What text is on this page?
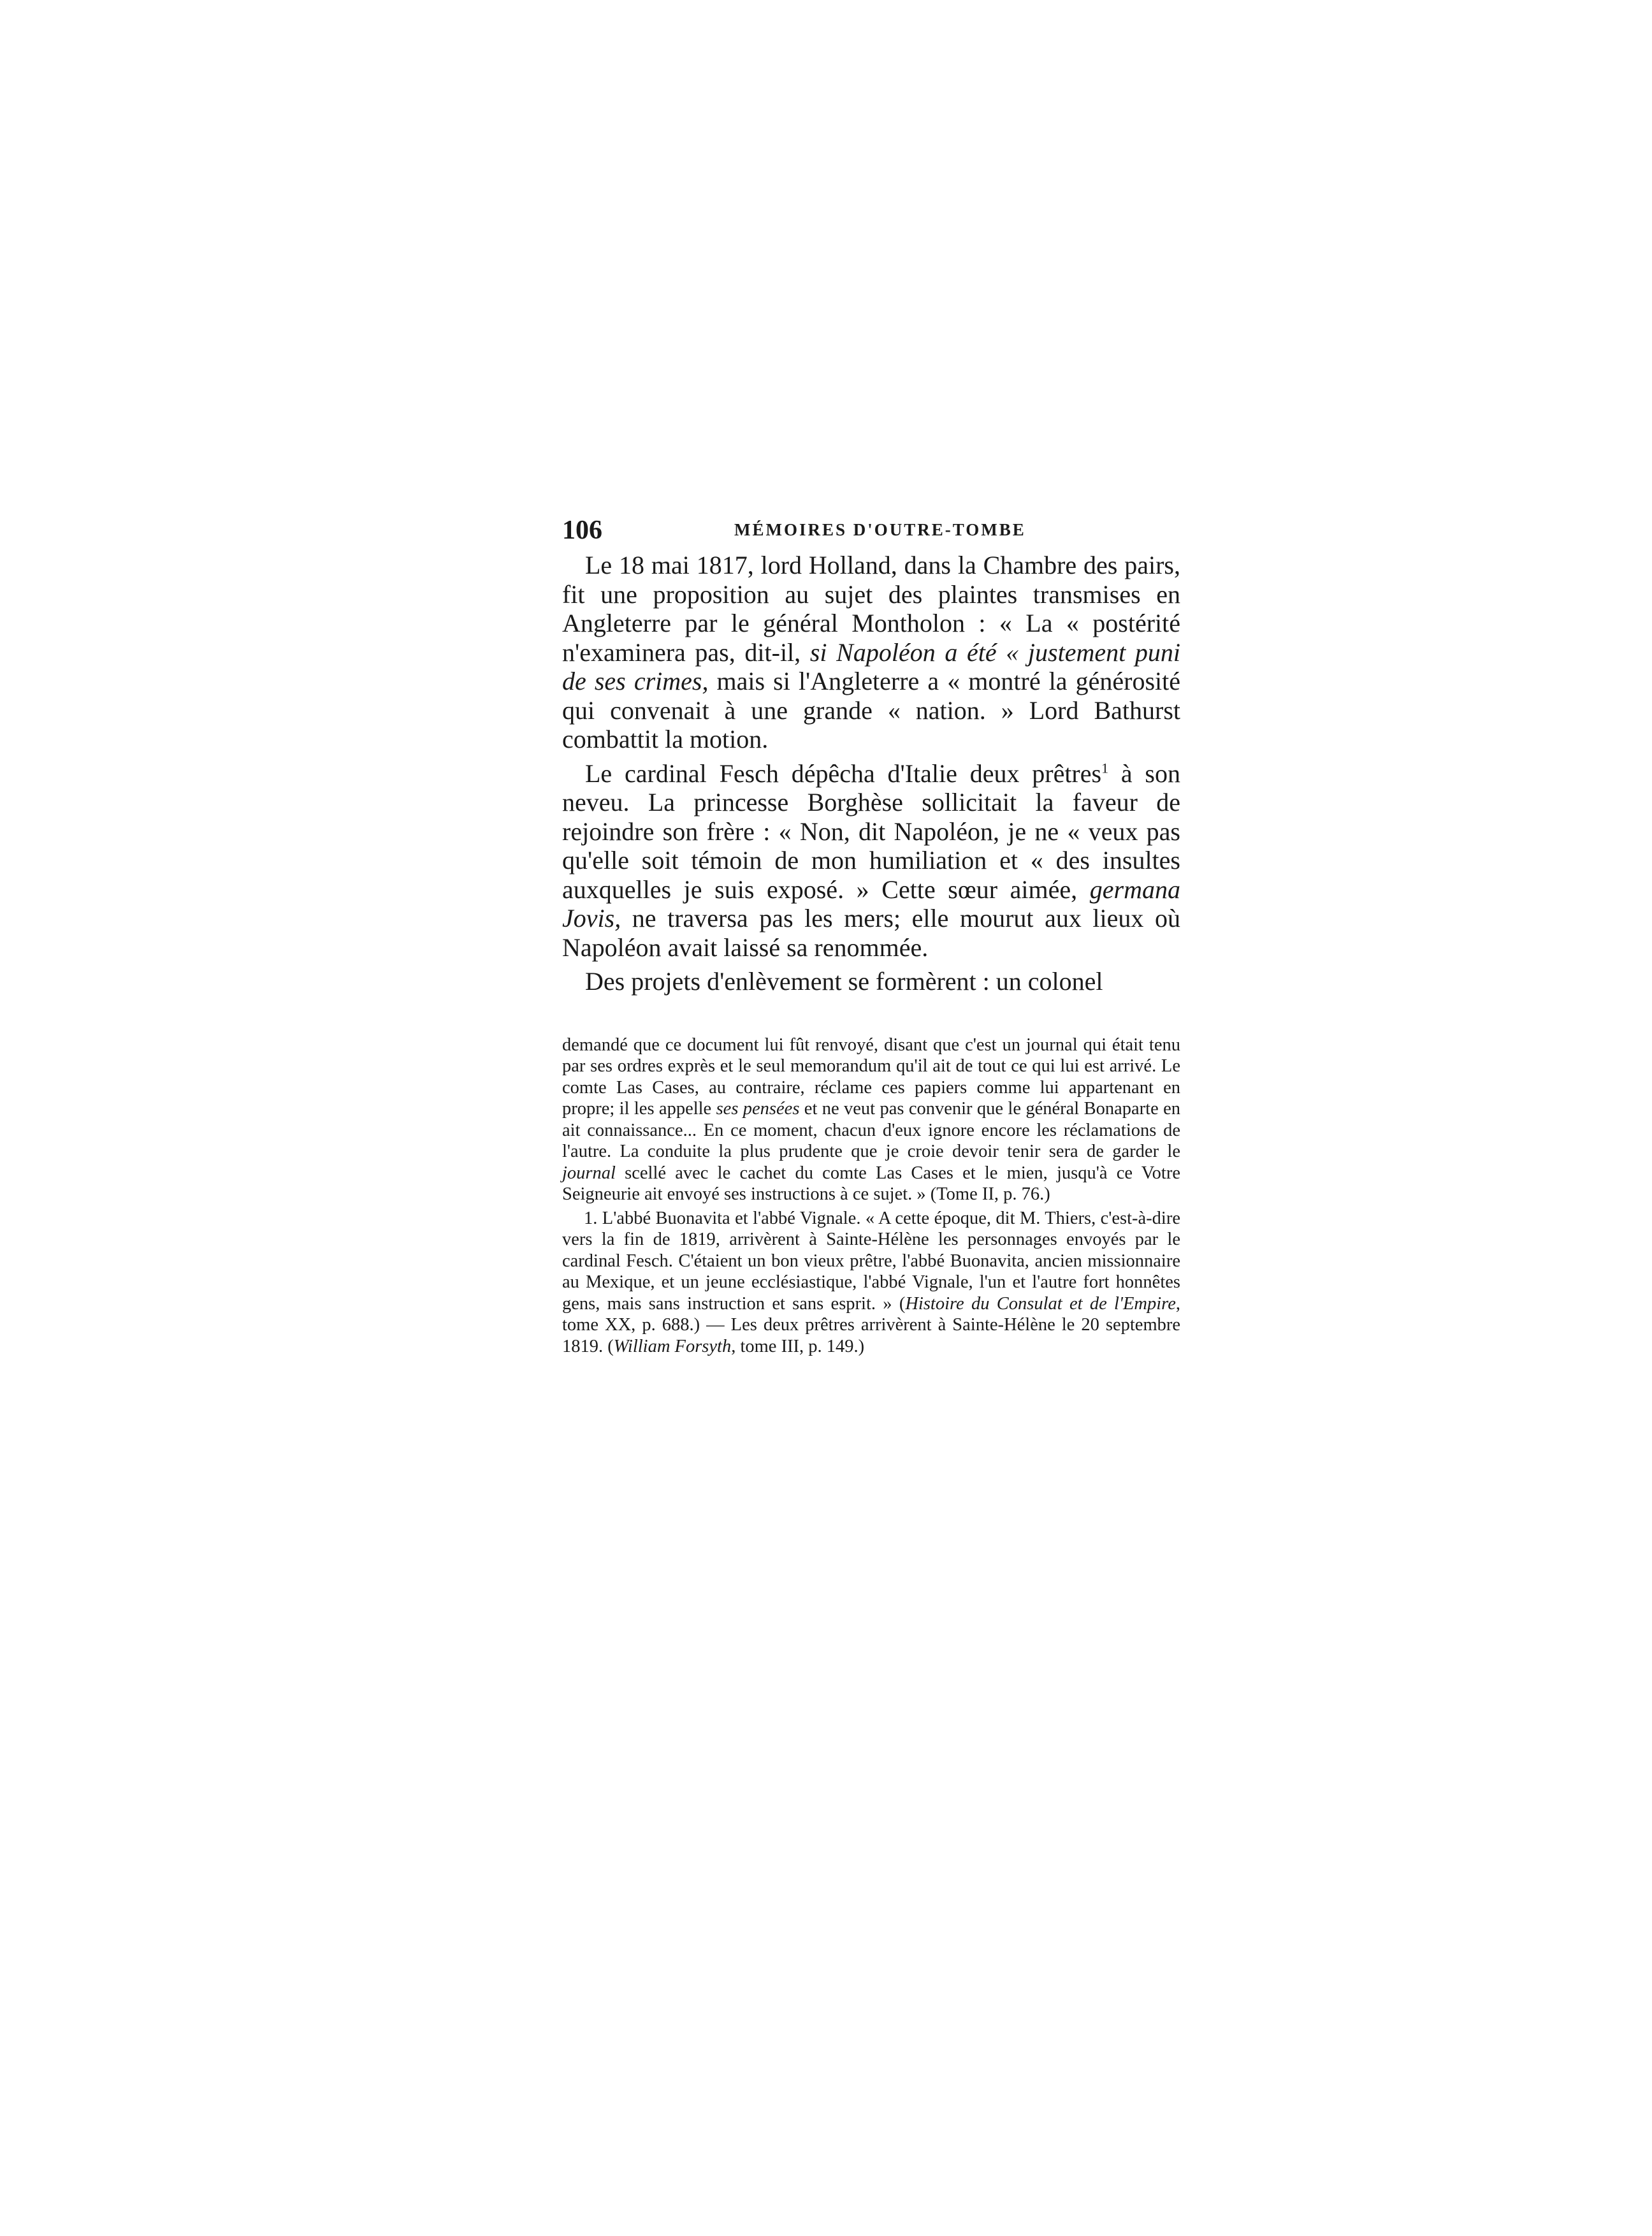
106	MÉMOIRES D'OUTRE-TOMBE

Le 18 mai 1817, lord Holland, dans la Chambre des pairs, fit une proposition au sujet des plaintes transmises en Angleterre par le général Montholon : « La « postérité n'examinera pas, dit-il, si Napoléon a été « justement puni de ses crimes, mais si l'Angleterre a « montré la générosité qui convenait à une grande « nation. » Lord Bathurst combattit la motion.

Le cardinal Fesch dépêcha d'Italie deux prêtres$^1$ à son neveu. La princesse Borghèse sollicitait la faveur de rejoindre son frère : « Non, dit Napoléon, je ne « veux pas qu'elle soit témoin de mon humiliation et « des insultes auxquelles je suis exposé. » Cette sœur aimée, germana Jovis, ne traversa pas les mers; elle mourut aux lieux où Napoléon avait laissé sa renommée.

Des projets d'enlèvement se formèrent : un colonel

demandé que ce document lui fût renvoyé, disant que c'est un journal qui était tenu par ses ordres exprès et le seul memorandum qu'il ait de tout ce qui lui est arrivé. Le comte Las Cases, au contraire, réclame ces papiers comme lui appartenant en propre; il les appelle ses pensées et ne veut pas convenir que le général Bonaparte en ait connaissance... En ce moment, chacun d'eux ignore encore les réclamations de l'autre. La conduite la plus prudente que je croie devoir tenir sera de garder le journal scellé avec le cachet du comte Las Cases et le mien, jusqu'à ce Votre Seigneurie ait envoyé ses instructions à ce sujet. » (Tome II, p. 76.)

1. L'abbé Buonavita et l'abbé Vignale. « A cette époque, dit M. Thiers, c'est-à-dire vers la fin de 1819, arrivèrent à Sainte-Hélène les personnages envoyés par le cardinal Fesch. C'étaient un bon vieux prêtre, l'abbé Buonavita, ancien missionnaire au Mexique, et un jeune ecclésiastique, l'abbé Vignale, l'un et l'autre fort honnêtes gens, mais sans instruction et sans esprit. » (Histoire du Consulat et de l'Empire, tome XX, p. 688.) — Les deux prêtres arrivèrent à Sainte-Hélène le 20 septembre 1819. (William Forsyth, tome III, p. 149.)
